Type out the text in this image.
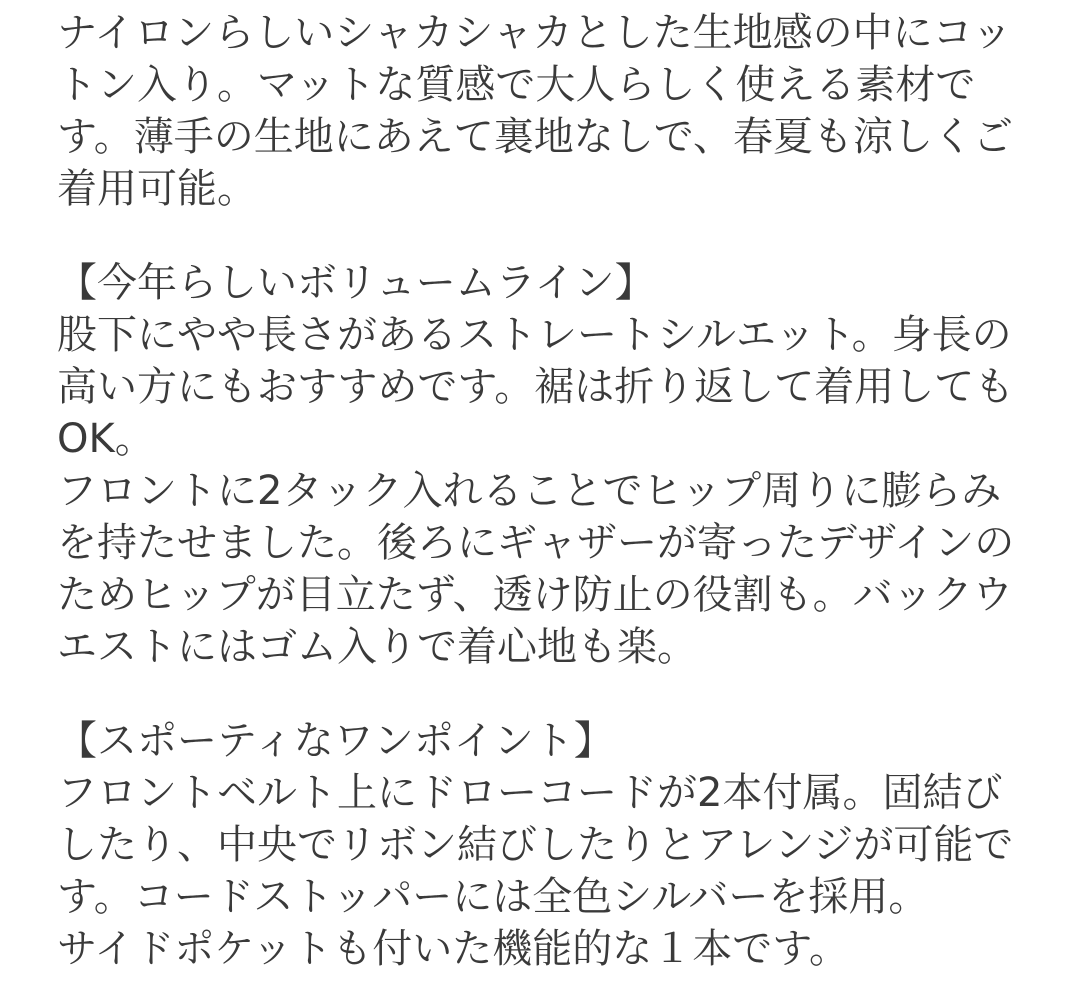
ナイロンらしいシャカシャカとした生地感の中にコッ
トン入り。マットな質感で大人らしく使える素材で
す。薄手の生地にあえて裏地なしで、春夏も涼しくご
着用可能。
【今年らしいボリュームライン】
股下にやや長さがあるストレートシルエット。身長の
高い方にもおすすめです。裾は折り返して着用しても
OK。
フロントに2タック入れることでヒップ周りに膨らみ
を持たせました。後ろにギャザーが寄ったデザインの
ためヒップが目立たず、透け防止の役割も。バックウ
エストにはゴム入りで着心地も楽。
【スポーティなワンポイント】
フロントベルト上にドローコードが2本付属。固結び
したり、中央でリボン結びしたりとアレンジが可能で
す。コードストッパーには全色シルバーを採用。
サイドポケットも付いた機能的な１本です。
